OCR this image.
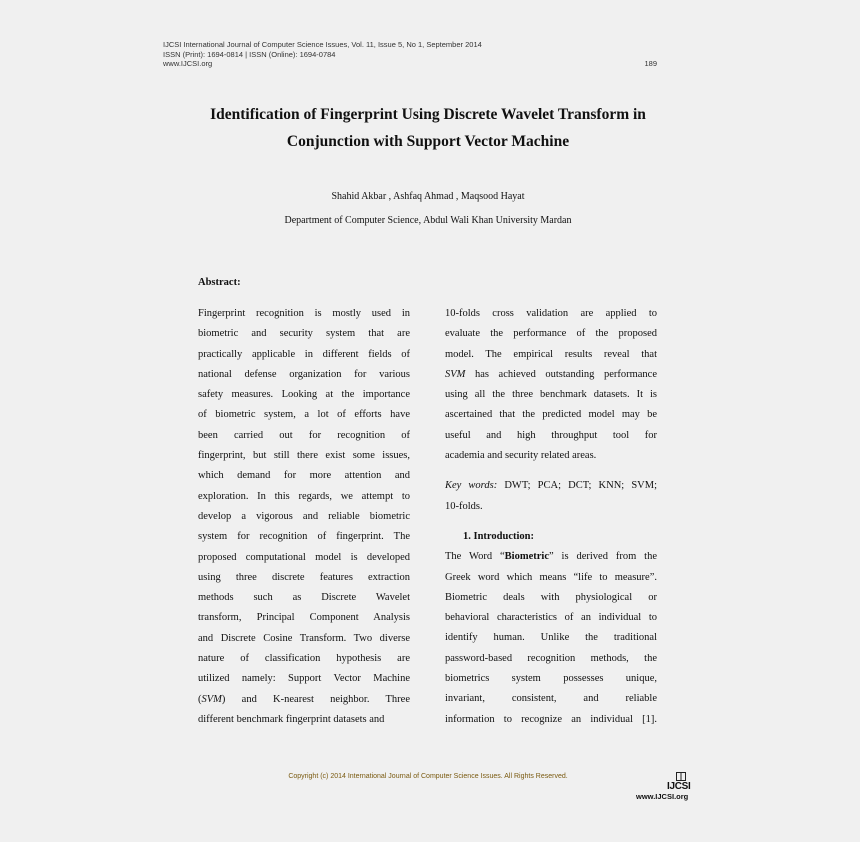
IJCSI International Journal of Computer Science Issues, Vol. 11, Issue 5, No 1, September 2014
ISSN (Print): 1694-0814 | ISSN (Online): 1694-0784
www.IJCSI.org	189
Identification of Fingerprint Using Discrete Wavelet Transform in
Conjunction with Support Vector Machine
Shahid Akbar , Ashfaq Ahmad , Maqsood Hayat
Department of Computer Science, Abdul Wali Khan University Mardan
Abstract:
Fingerprint recognition is mostly used in
biometric and security system that are
practically applicable in different fields of
national defense organization for various
safety measures. Looking at the importance
of biometric system, a lot of efforts have
been carried out for recognition of
fingerprint, but still there exist some issues,
which demand for more attention and
exploration. In this regards, we attempt to
develop a vigorous and reliable biometric
system for recognition of fingerprint. The
proposed computational model is developed
using three discrete features extraction
methods such as Discrete Wavelet
transform, Principal Component Analysis
and Discrete Cosine Transform. Two diverse
nature of classification hypothesis are
utilized namely: Support Vector Machine
(SVM) and K-nearest neighbor. Three
different benchmark fingerprint datasets and
10-folds cross validation are applied to
evaluate the performance of the proposed
model. The empirical results reveal that
SVM has achieved outstanding performance
using all the three benchmark datasets. It is
ascertained that the predicted model may be
useful and high throughput tool for
academia and security related areas.
Key words: DWT; PCA; DCT; KNN; SVM;
10-folds.
1. Introduction:
The Word “Biometric” is derived from the
Greek word which means “life to measure”.
Biometric deals with physiological or
behavioral characteristics of an individual to
identify human. Unlike the traditional
password-based recognition methods, the
biometrics system possesses unique,
invariant, consistent, and reliable
information to recognize an individual [1].
Copyright (c) 2014 International Journal of Computer Science Issues. All Rights Reserved.
IJCSI
www.IJCSI.org
